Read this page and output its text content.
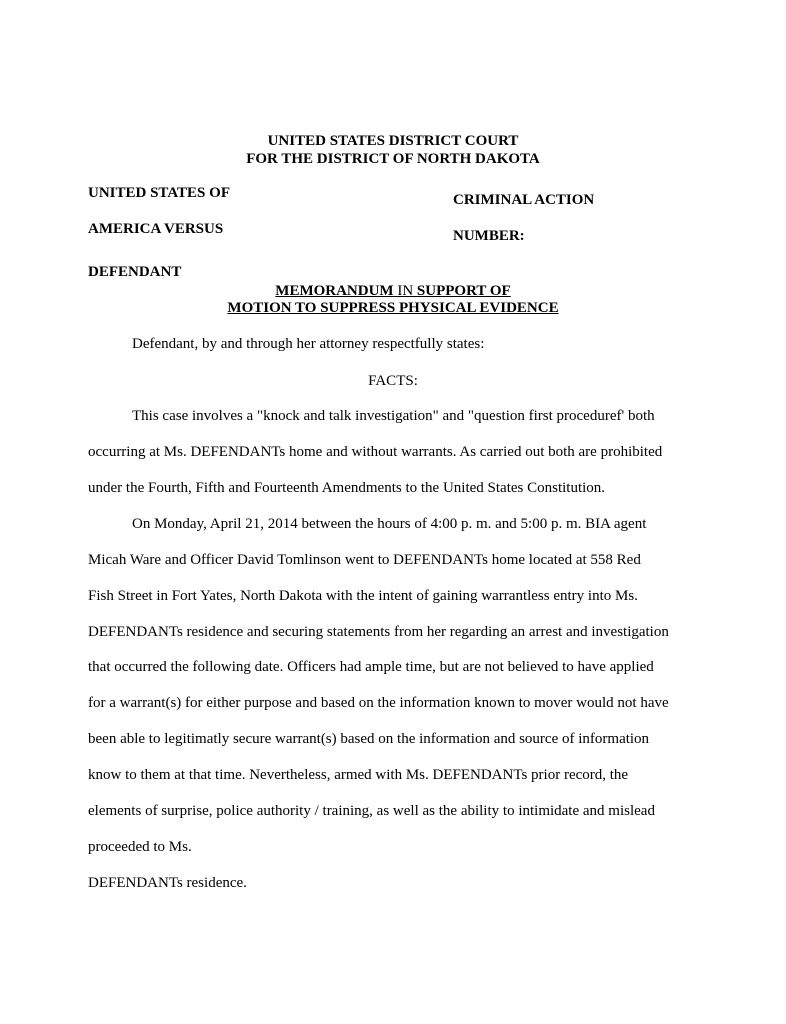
UNITED STATES DISTRICT COURT
FOR THE DISTRICT OF NORTH DAKOTA
UNITED STATES OF
AMERICA VERSUS
DEFENDANT
CRIMINAL ACTION
NUMBER:
MEMORANDUM IN SUPPORT OF
MOTION TO SUPPRESS PHYSICAL EVIDENCE
Defendant, by and through her attorney respectfully states:
FACTS:
This case involves a "knock and talk investigation" and "question first proceduref' both
occurring at Ms. DEFENDANTs home and without warrants. As carried out both are prohibited
under the Fourth, Fifth and Fourteenth Amendments to the United States Constitution.
On Monday, April 21, 2014 between the hours of 4:00 p. m. and 5:00 p. m. BIA agent
Micah Ware and Officer David Tomlinson went to DEFENDANTs home located at 558 Red
Fish Street in Fort Yates, North Dakota with the intent of gaining warrantless entry into Ms.
DEFENDANTs residence and securing statements from her regarding an arrest and investigation
that occurred the following date. Officers had ample time, but are not believed to have applied
for a warrant(s) for either purpose and based on the information known to mover would not have
been able to legitimatly secure warrant(s) based on the information and source of information
know to them at that time. Nevertheless, armed with Ms. DEFENDANTs prior record, the
elements of surprise, police authority / training, as well as the ability to intimidate and mislead
proceeded to Ms.
DEFENDANTs residence.
